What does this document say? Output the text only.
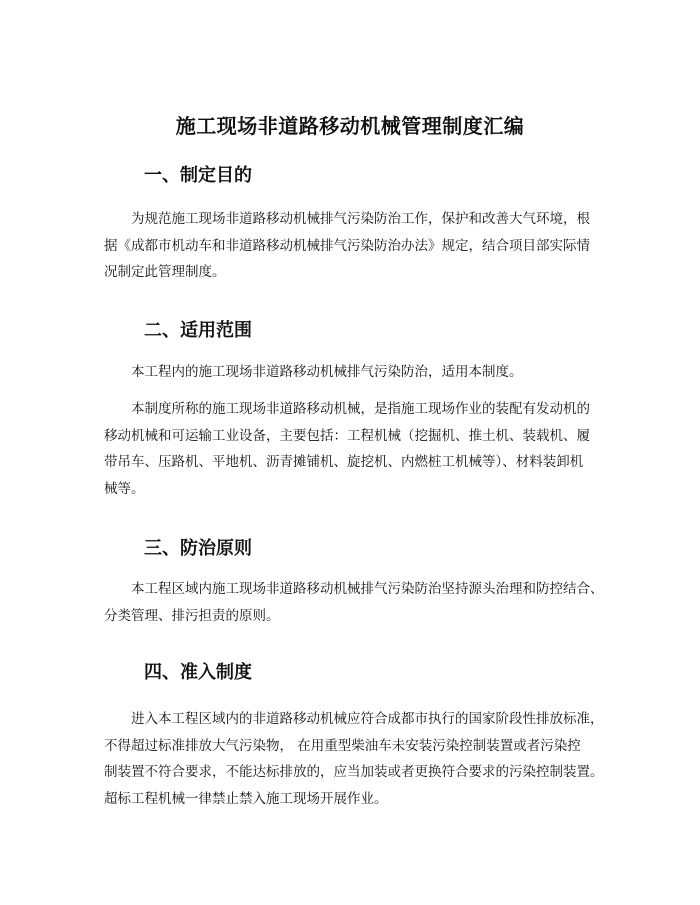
施工现场非道路移动机械管理制度汇编
一、制定目的
为规范施工现场非道路移动机械排气污染防治工作，保护和改善大气环境，根
据《成都市机动车和非道路移动机械排气污染防治办法》规定，结合项目部实际情
况制定此管理制度。
二、适用范围
本工程内的施工现场非道路移动机械排气污染防治，适用本制度。
本制度所称的施工现场非道路移动机械，是指施工现场作业的装配有发动机的
移动机械和可运输工业设备，主要包括：工程机械（挖掘机、推土机、装载机、履
带吊车、压路机、平地机、沥青摊铺机、旋挖机、内燃桩工机械等）、材料装卸机
械等。
三、防治原则
本工程区域内施工现场非道路移动机械排气污染防治坚持源头治理和防控结合、
分类管理、排污担责的原则。
四、准入制度
进入本工程区域内的非道路移动机械应符合成都市执行的国家阶段性排放标准，
不得超过标准排放大气污染物， 在用重型柴油车未安装污染控制装置或者污染控
制装置不符合要求，不能达标排放的，应当加装或者更换符合要求的污染控制装置。
超标工程机械一律禁止禁入施工现场开展作业。
